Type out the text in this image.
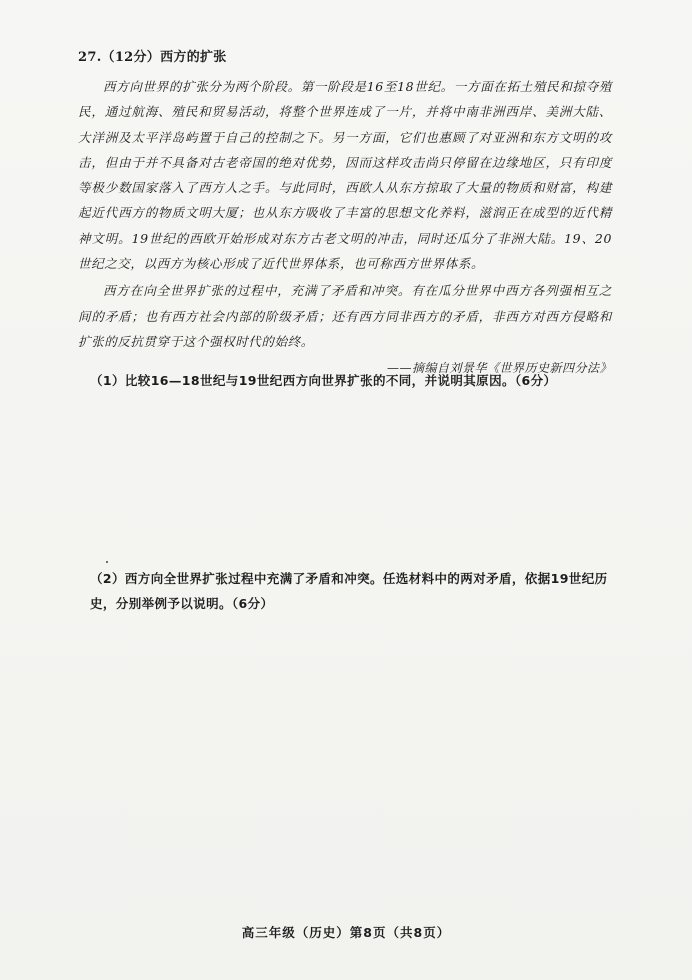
27.（12分）西方的扩张

西方向世界的扩张分为两个阶段。第一阶段是16至18世纪。一方面在拓土殖民和掠夺殖民，通过航海、殖民和贸易活动，将整个世界连成了一片，并将中南非洲西岸、美洲大陆、大洋洲及太平洋岛屿置于自己的控制之下。另一方面，它们也惠顾了对亚洲和东方文明的攻击，但由于并不具备对古老帝国的绝对优势，因而这样攻击尚只停留在边缘地区，只有印度等极少数国家落入了西方人之手。与此同时，西欧人从东方掠取了大量的物质和财富，构建起近代西方的物质文明大厦；也从东方吸收了丰富的思想文化养料，滋润正在成型的近代精神文明。19世纪的西欧开始形成对东方古老文明的冲击，同时还瓜分了非洲大陆。19、20世纪之交，以西方为核心形成了近代世界体系，也可称西方世界体系。

西方在向全世界扩张的过程中，充满了矛盾和冲突。有在瓜分世界中西方各列强相互之间的矛盾；也有西方社会内部的阶级矛盾；还有西方同非西方的矛盾，非西方对西方侵略和扩张的反抗贯穿于这个强权时代的始终。

——摘编自刘景华《世界历史新四分法》

（1）比较16—18世纪与19世纪西方向世界扩张的不同，并说明其原因。（6分）

（2）西方向全世界扩张过程中充满了矛盾和冲突。任选材料中的两对矛盾，依据19世纪历史，分别举例予以说明。（6分）

高三年级（历史）第8页（共8页）
